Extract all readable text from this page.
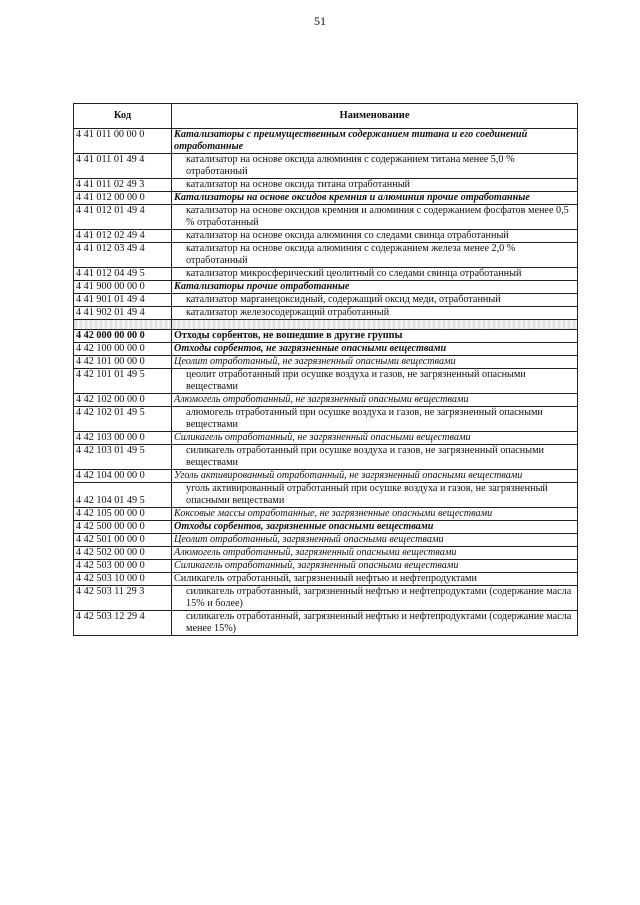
51
Код	Наименование
4 41 011 00 00 0	Катализаторы с преимущественным содержанием титана и его соединений отработанные
4 41 011 01 49 4	катализатор на основе оксида алюминия с содержанием титана менее 5,0 % отработанный
4 41 011 02 49 3	катализатор на основе оксида титана отработанный
4 41 012 00 00 0	Катализаторы на основе оксидов кремния и алюминия прочие отработанные
4 41 012 01 49 4	катализатор на основе оксидов кремния и алюминия с содержанием фосфатов менее 0,5 % отработанный
4 41 012 02 49 4	катализатор на основе оксида алюминия со следами свинца отработанный
4 41 012 03 49 4	катализатор на основе оксида алюминия с содержанием железа менее 2,0 % отработанный
4 41 012 04 49 5	катализатор микросферический цеолитный со следами свинца отработанный
4 41 900 00 00 0	Катализаторы прочие отработанные
4 41 901 01 49 4	катализатор марганецоксидный, содержащий оксид меди, отработанный
4 41 902 01 49 4	катализатор железосодержащий отработанный

4 42 000 00 00 0	Отходы сорбентов, не вошедшие в другие группы
4 42 100 00 00 0	Отходы сорбентов, не загрязненные опасными веществами
4 42 101 00 00 0	Цеолит отработанный, не загрязненный опасными веществами
4 42 101 01 49 5	цеолит отработанный при осушке воздуха и газов, не загрязненный опасными веществами
4 42 102 00 00 0	Алюмогель отработанный, не загрязненный опасными веществами
4 42 102 01 49 5	алюмогель отработанный при осушке воздуха и газов, не загрязненный опасными веществами
4 42 103 00 00 0	Силикагель отработанный, не загрязненный опасными веществами
4 42 103 01 49 5	силикагель отработанный при осушке воздуха и газов, не загрязненный опасными веществами
4 42 104 00 00 0	Уголь активированный отработанный, не загрязненный опасными веществами
4 42 104 01 49 5	уголь активированный отработанный при осушке воздуха и газов, не загрязненный опасными веществами
4 42 105 00 00 0	Коксовые массы отработанные, не загрязненные опасными веществами
4 42 500 00 00 0	Отходы сорбентов, загрязненные опасными веществами
4 42 501 00 00 0	Цеолит отработанный, загрязненный опасными веществами
4 42 502 00 00 0	Алюмогель отработанный, загрязненный опасными веществами
4 42 503 00 00 0	Силикагель отработанный, загрязненный опасными веществами
4 42 503 10 00 0	Силикагель отработанный, загрязненный нефтью и нефтепродуктами
4 42 503 11 29 3	силикагель отработанный, загрязненный нефтью и нефтепродуктами (содержание масла 15% и более)
4 42 503 12 29 4	силикагель отработанный, загрязненный нефтью и нефтепродуктами (содержание масла менее 15%)
